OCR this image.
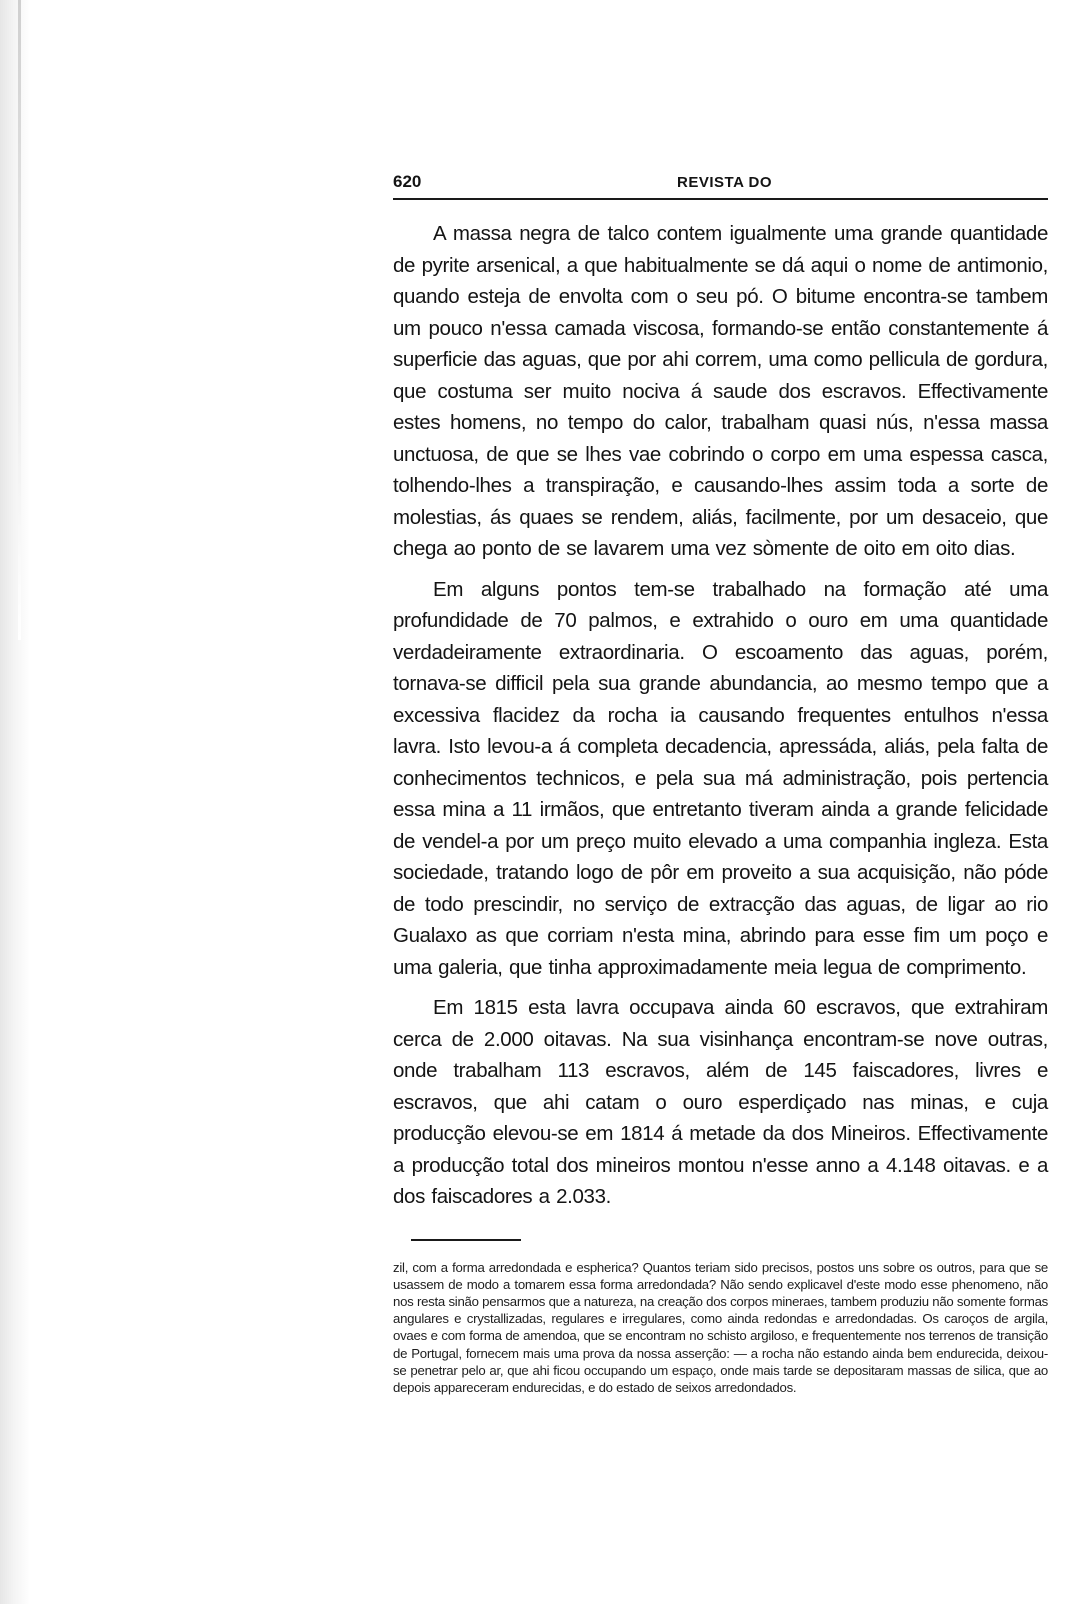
620	REVISTA DO

A massa negra de talco contem igualmente uma grande quantidade de pyrite arsenical, a que habitualmente se dá aqui o nome de antimonio, quando esteja de envolta com o seu pó. O bitume encontra-se tambem um pouco n'essa camada viscosa, formando-se então constantemente á superficie das aguas, que por ahi correm, uma como pellicula de gordura, que costuma ser muito nociva á saude dos escravos. Effectivamente estes homens, no tempo do calor, trabalham quasi nús, n'essa massa unctuosa, de que se lhes vae cobrindo o corpo em uma espessa casca, tolhendo-lhes a transpiração, e causando-lhes assim toda a sorte de molestias, ás quaes se rendem, aliás, facilmente, por um desaceio, que chega ao ponto de se lavarem uma vez sòmente de oito em oito dias.

Em alguns pontos tem-se trabalhado na formação até uma profundidade de 70 palmos, e extrahido o ouro em uma quantidade verdadeiramente extraordinaria. O escoamento das aguas, porém, tornava-se difficil pela sua grande abundancia, ao mesmo tempo que a excessiva flacidez da rocha ia causando frequentes entulhos n'essa lavra. Isto levou-a á completa decadencia, apressáda, aliás, pela falta de conhecimentos technicos, e pela sua má administração, pois pertencia essa mina a 11 irmãos, que entretanto tiveram ainda a grande felicidade de vendel-a por um preço muito elevado a uma companhia ingleza. Esta sociedade, tratando logo de pôr em proveito a sua acquisição, não póde de todo prescindir, no serviço de extracção das aguas, de ligar ao rio Gualaxo as que corriam n'esta mina, abrindo para esse fim um poço e uma galeria, que tinha approximadamente meia legua de comprimento.

Em 1815 esta lavra occupava ainda 60 escravos, que extrahiram cerca de 2.000 oitavas. Na sua visinhança encontram-se nove outras, onde trabalham 113 escravos, além de 145 faiscadores, livres e escravos, que ahi catam o ouro esperdiçado nas minas, e cuja producção elevou-se em 1814 á metade da dos Mineiros. Effectivamente a producção total dos mineiros montou n'esse anno a 4.148 oitavas. e a dos faiscadores a 2.033.

zil, com a forma arredondada e espherica? Quantos teriam sido precisos, postos uns sobre os outros, para que se usassem de modo a tomarem essa forma arredondada? Não sendo explicavel d'este modo esse phenomeno, não nos resta sinão pensarmos que a natureza, na creação dos corpos mineraes, tambem produziu não somente formas angulares e crystallizadas, regulares e irregulares, como ainda redondas e arredondadas. Os caroços de argila, ovaes e com forma de amendoa, que se encontram no schisto argiloso, e frequentemente nos terrenos de transição de Portugal, fornecem mais uma prova da nossa asserção: — a rocha não estando ainda bem endurecida, deixou-se penetrar pelo ar, que ahi ficou occupando um espaço, onde mais tarde se depositaram massas de silica, que ao depois appareceram endurecidas, e do estado de seixos arredondados.
